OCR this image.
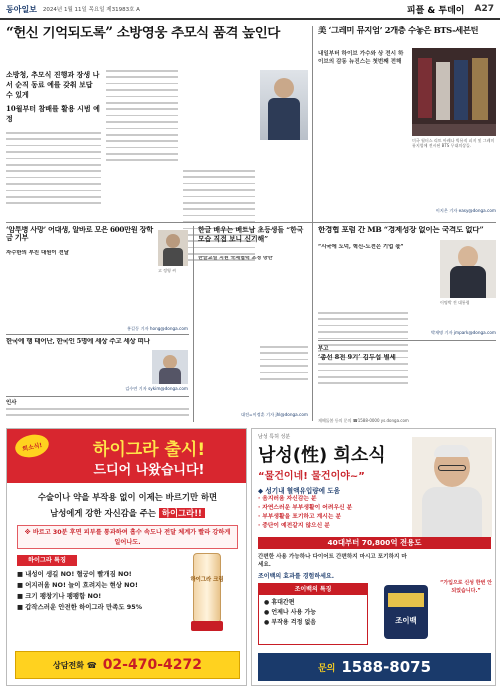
동아일보 2024년 1월 11일 목요일 제31983호 A	피플 & 투데이 A27
“헌신 기억되도록” 소방영웅 추모식 품격 높인다
소방청, 추모식 진행과 장생 나서 순직 동료 예를 갖춰 보답 수 있게
10월부터 참배를 활용 시범 예정
美 ‘그레미 뮤지엄’ 2개층 수놓은 BTS-세븐틴
내일부터 하이브 가수와 상 전시 하이브의 감동 뉴진스는 첫번째 전해
미국 월터스 리트 아레나 빅뮤직 피지 및 그레미 뮤지엄에 전시된 BTS 무대의상들.
이지은 기자 easy@donga.com
‘암투병 사망’ 어대생, 알바로 모은 600만원 장학금 기부
자수한의 부친 대원이 전달
고 정영 씨
홍길동 기자 hong@donga.com
한글 배우는 베트남 초등생들 “한국 모습 직접 보니 신기해”
한글교실 지원 국제협력 초청 방한
대전=이정훈 기자 jhl@donga.com
한경협 포럼 간 MB “경제성장 없이는 국격도 없다”
“시국에 도덕, 혁신-도전은 기업 몫”
이명박 전 대통령
박재명 기자 jmpark@donga.com
부고
‘총선 8전 9기’ 김두섭 별세
한국에 행 태어난, 한국인 5명에 세상 주고 세상 떠나
김수연 기자 sykim@donga.com
인사
재해돌봄 등의 문의 ☎1588-0000 ys.donga.com
희소식!	하이그라 출시!
드디어 나왔습니다!
수술이나 약을 부작용 없이 이제는 바르기만 하면
남성에게 강한 자신감을 주는 하이그라!!
※ 바르고 30분 후면 피부를 통과하여 흡수 속도나 전달 체계가 빨라 강하게 일어나도.
하이그라 특징
■ 내성이 생길 NO! 혈궁이 빨개짐 NO!
■ 어지러움 NO! 늘이 흐려지는 현상 NO!
■ 크기 팽창기나 팽팽함 NO!
■ 갑작스러운 안전한 하이그라 만족도 95%
하이그라 크림
상담전화 ☎ 02-470-4272
남성 특허 성분
남성(性) 희소식
“물건이네! 물건이야~”
◆ 성기내 혈액유입량에 도움
· 음지러움 자신감는 분
· 자연스러운 부부생활이 어려우신 분
· 부부생활을 포기하고 계시는 분
· 중단이 예전같지 않으신 분
40대부터 70,800억 전용도
간편한 사용 가능하나 다이어트 간편하지 마시고 포기하지 마세요.
조이백의 효과를 경험하세요.
조이백의 특징
● 휴대간편
● 언제나 사용 가능
● 부작용 걱정 없음	조이백
“가입으로 신성 한번 안되었습니다.”
문의 1588-8075
